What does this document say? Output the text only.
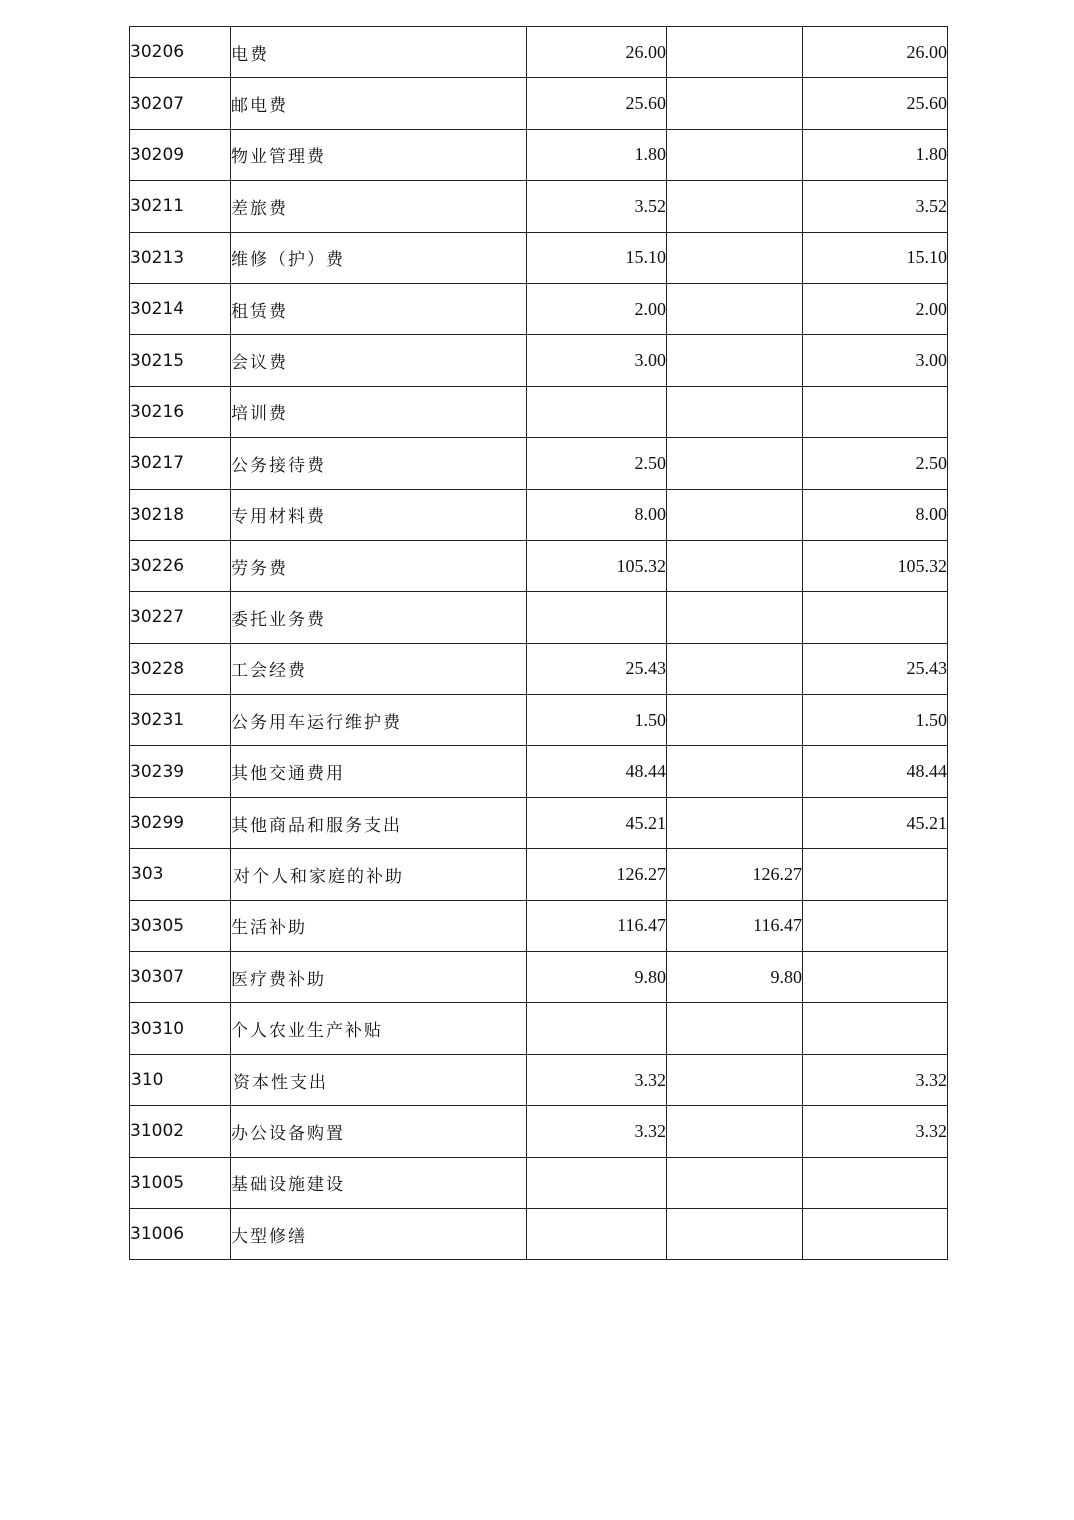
30206	电费	26.00		26.00
30207	邮电费	25.60		25.60
30209	物业管理费	1.80		1.80
30211	差旅费	3.52		3.52
30213	维修（护）费	15.10		15.10
30214	租赁费	2.00		2.00
30215	会议费	3.00		3.00
30216	培训费			
30217	公务接待费	2.50		2.50
30218	专用材料费	8.00		8.00
30226	劳务费	105.32		105.32
30227	委托业务费			
30228	工会经费	25.43		25.43
30231	公务用车运行维护费	1.50		1.50
30239	其他交通费用	48.44		48.44
30299	其他商品和服务支出	45.21		45.21
303	对个人和家庭的补助	126.27	126.27	
30305	生活补助	116.47	116.47	
30307	医疗费补助	9.80	9.80	
30310	个人农业生产补贴			
310	资本性支出	3.32		3.32
31002	办公设备购置	3.32		3.32
31005	基础设施建设			
31006	大型修缮			
